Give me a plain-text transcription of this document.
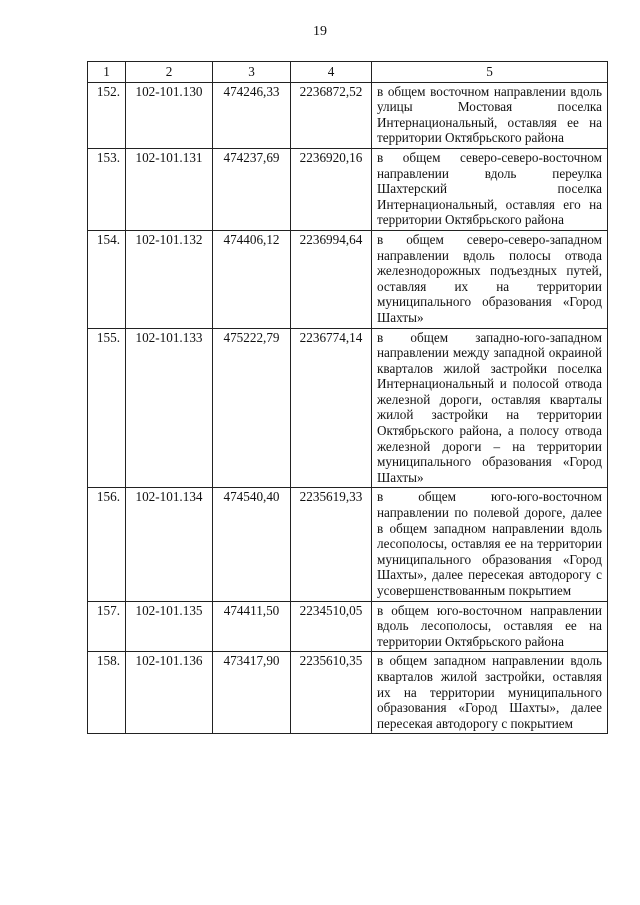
19
1	2	3	4	5
152.	102-101.130	474246,33	2236872,52	в общем восточном направлении вдоль улицы Мостовая поселка Интернациональный, оставляя ее на территории Октябрьского района
153.	102-101.131	474237,69	2236920,16	в общем северо-северо-восточном направлении вдоль переулка Шахтерский поселка Интернациональный, оставляя его на территории Октябрьского района
154.	102-101.132	474406,12	2236994,64	в общем северо-северо-западном направлении вдоль полосы отвода железнодорожных подъездных путей, оставляя их на территории муниципального образования «Город Шахты»
155.	102-101.133	475222,79	2236774,14	в общем западно-юго-западном направлении между западной окраиной кварталов жилой застройки поселка Интернациональный и полосой отвода железной дороги, оставляя кварталы жилой застройки на территории Октябрьского района, а полосу отвода железной дороги – на территории муниципального образования «Город Шахты»
156.	102-101.134	474540,40	2235619,33	в общем юго-юго-восточном направлении по полевой дороге, далее в общем западном направлении вдоль лесополосы, оставляя ее на территории муниципального образования «Город Шахты», далее пересекая автодорогу с усовершенствованным покрытием
157.	102-101.135	474411,50	2234510,05	в общем юго-восточном направлении вдоль лесополосы, оставляя ее на территории Октябрьского района
158.	102-101.136	473417,90	2235610,35	в общем западном направлении вдоль кварталов жилой застройки, оставляя их на территории муниципального образования «Город Шахты», далее пересекая автодорогу с покрытием
